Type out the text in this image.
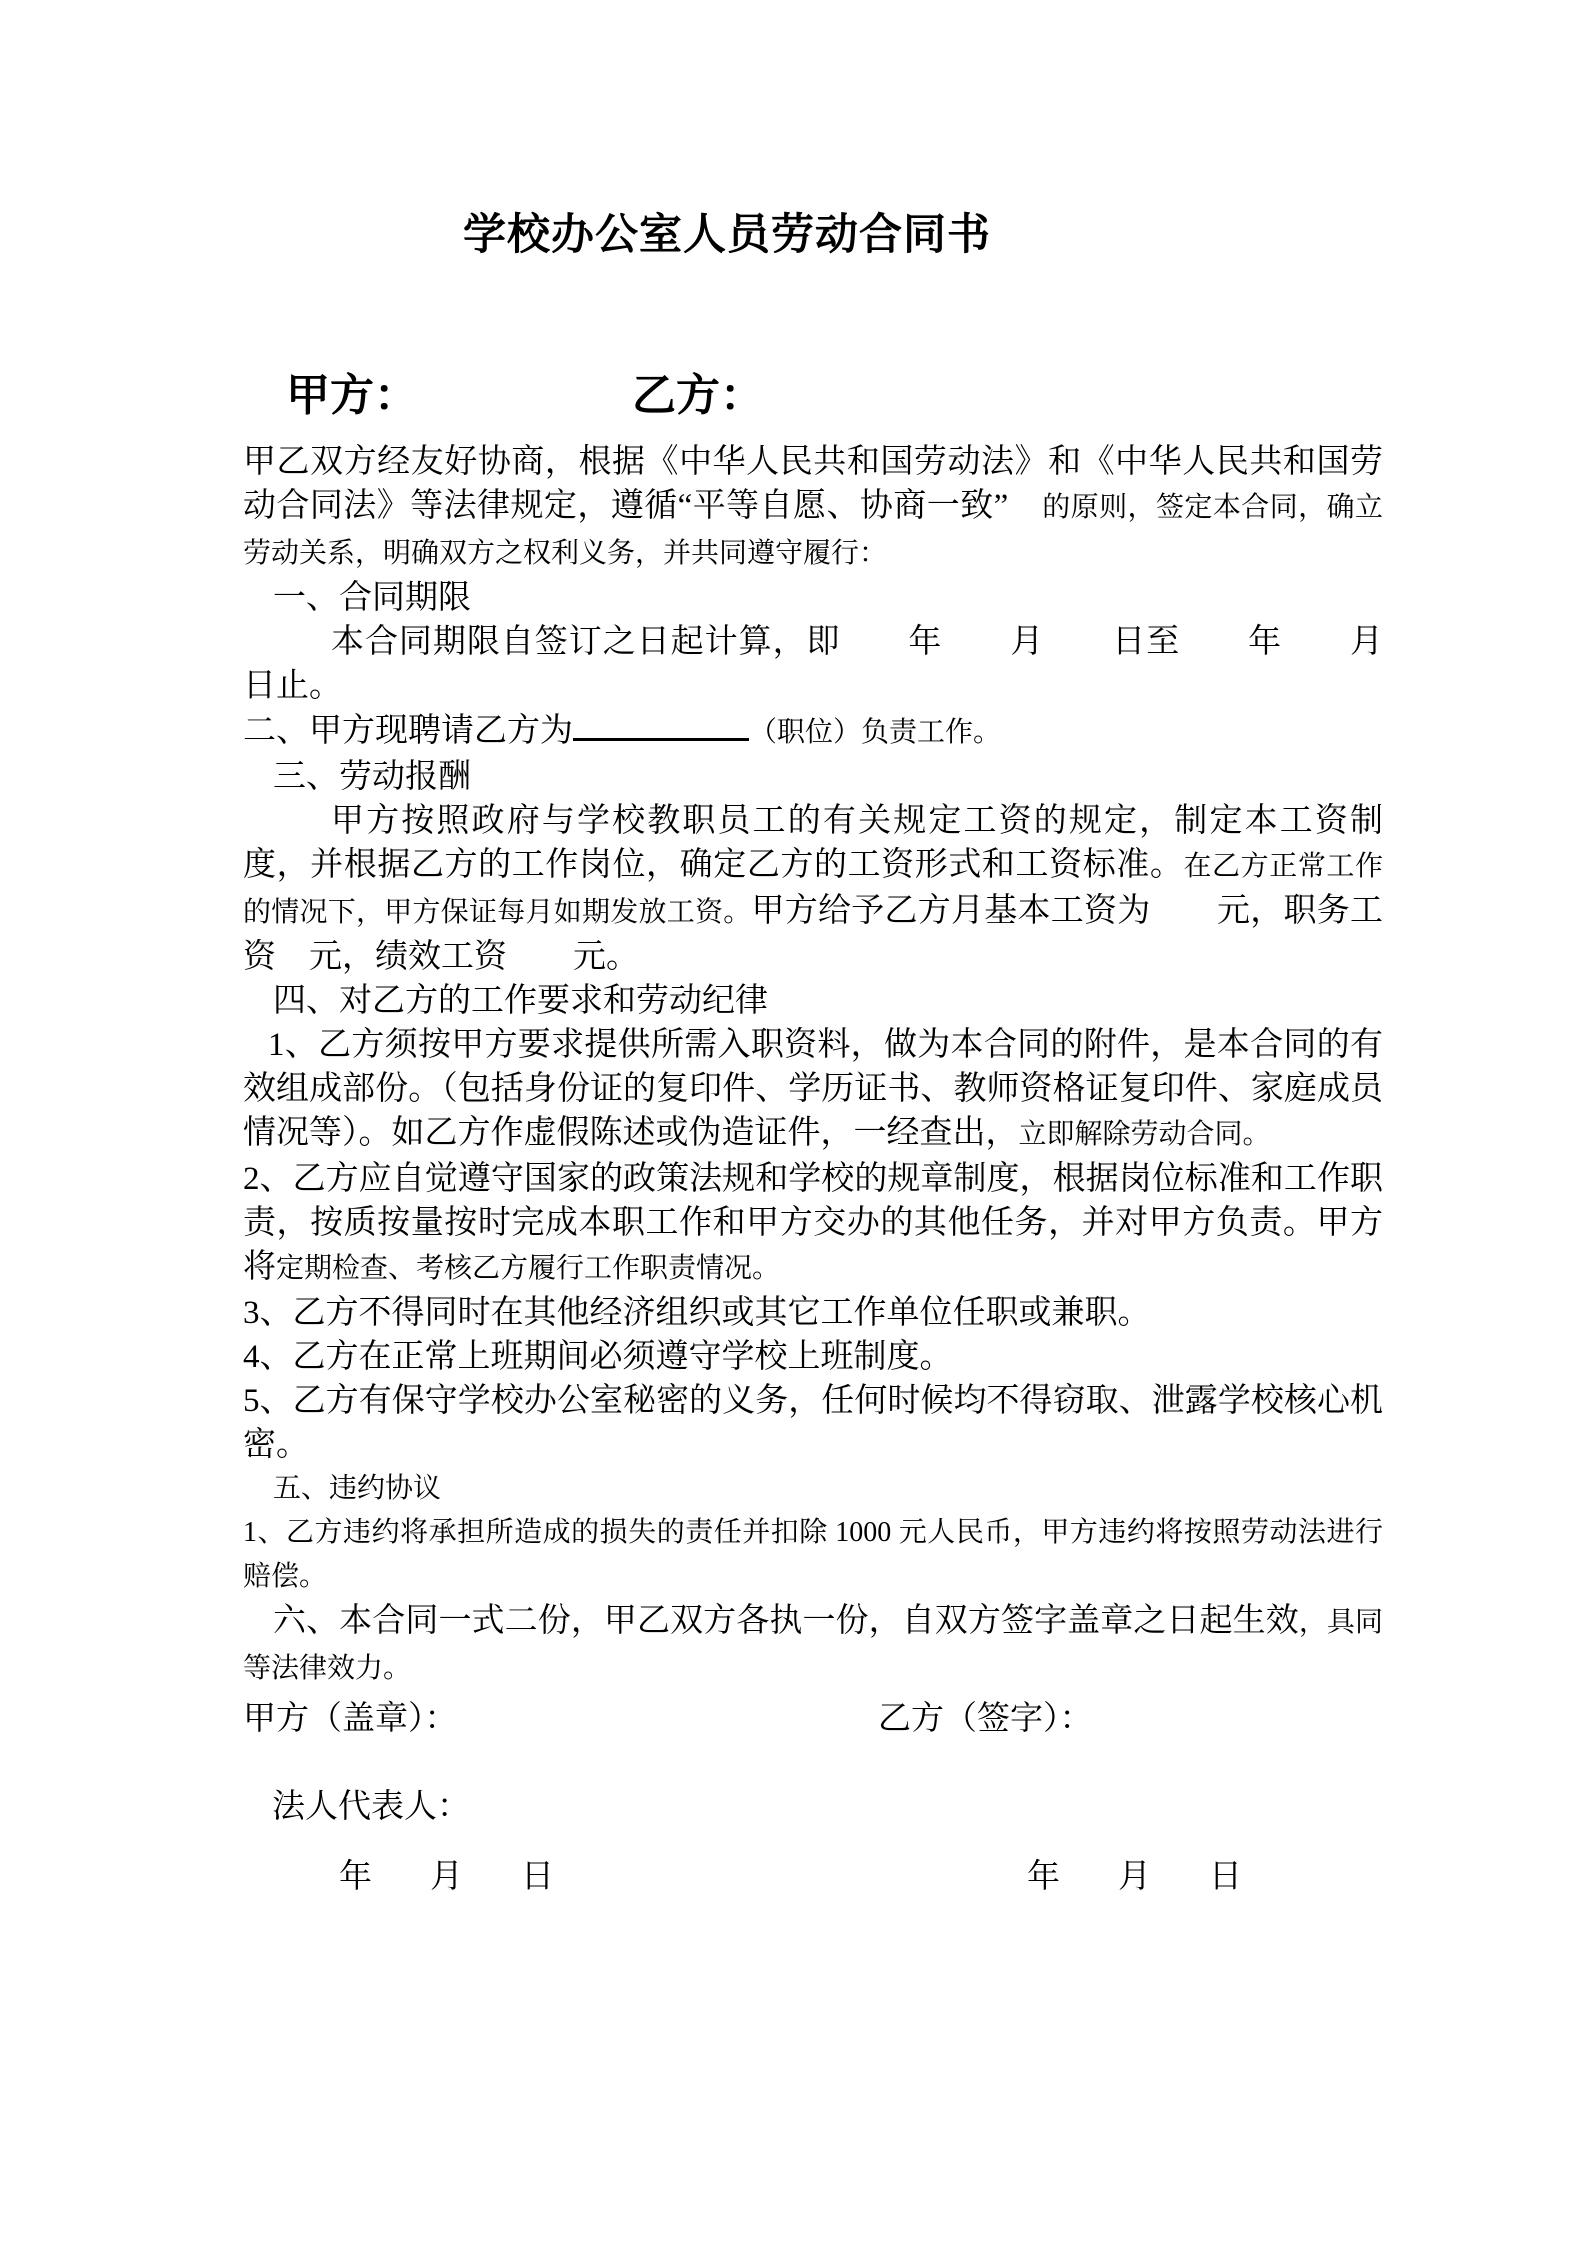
学校办公室人员劳动合同书
甲方：	乙方：

甲乙双方经友好协商，根据《中华人民共和国劳动法》和《中华人民共和国劳动合同法》等法律规定，遵循“平等自愿、协商一致”　的原则，签定本合同，确立劳动关系，明确双方之权利义务，并共同遵守履行：

一、合同期限

本合同期限自签订之日起计算，即　　年　　月　　日至　　年　　月　　日止。

二、甲方现聘请乙方为	（职位）负责工作。

三、劳动报酬

甲方按照政府与学校教职员工的有关规定工资的规定，制定本工资制度，并根据乙方的工作岗位，确定乙方的工资形式和工资标准。在乙方正常工作的情况下，甲方保证每月如期发放工资。甲方给予乙方月基本工资为　　元，职务工资　元，绩效工资　　元。

四、对乙方的工作要求和劳动纪律

1、乙方须按甲方要求提供所需入职资料，做为本合同的附件，是本合同的有效组成部份。（包括身份证的复印件、学历证书、教师资格证复印件、家庭成员情况等）。如乙方作虚假陈述或伪造证件，一经查出，立即解除劳动合同。

2、乙方应自觉遵守国家的政策法规和学校的规章制度，根据岗位标准和工作职责，按质按量按时完成本职工作和甲方交办的其他任务，并对甲方负责。甲方将定期检查、考核乙方履行工作职责情况。

3、乙方不得同时在其他经济组织或其它工作单位任职或兼职。

4、乙方在正常上班期间必须遵守学校上班制度。

5、乙方有保守学校办公室秘密的义务，任何时候均不得窃取、泄露学校核心机密。

五、违约协议

1、乙方违约将承担所造成的损失的责任并扣除 1000 元人民币，甲方违约将按照劳动法进行赔偿。

六、本合同一式二份，甲乙双方各执一份，自双方签字盖章之日起生效，具同等法律效力。

甲方（盖章）：	乙方（签字）：
法人代表人：
年 月 日	年 月 日
